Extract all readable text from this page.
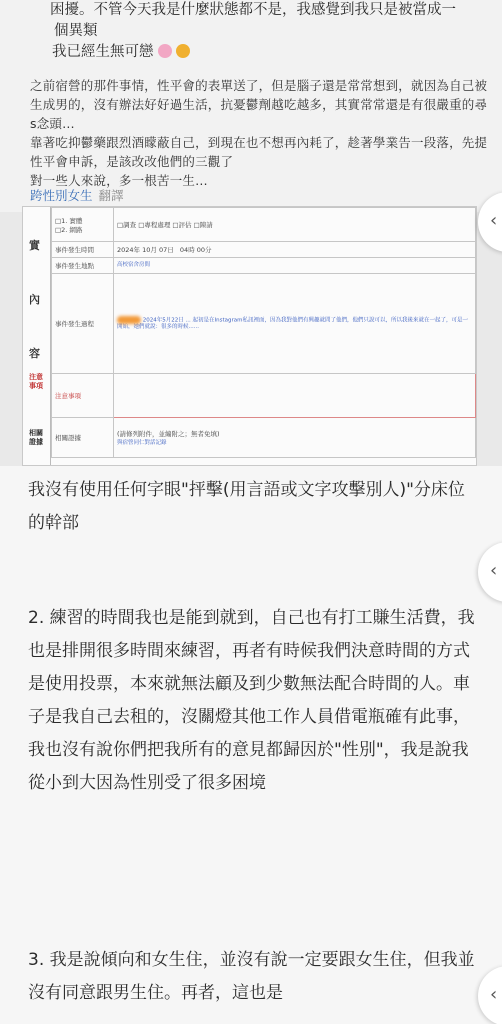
困擾。不管今天我是什麼狀態都不是，我感覺到我只是被當成一
個異類
我已經生無可戀
之前宿營的那件事情，性平會的表單送了，但是腦子還是常常想到，就因為自己被生成男的，沒有辦法好好過生活，抗憂鬱劑越吃越多，其實常常還是有很嚴重的尋s念頭…
靠著吃抑鬱藥跟烈酒矇蔽自己，到現在也不想再內耗了，趁著學業告一段落，先提性平會申訴，是該改改他們的三觀了
對一些人來說，多一根苦一生…
跨性別女生 翻譯
實
內
容
注意事項
相關證據
□1. 實體
□2. 網路	□調查 □專程處理 □評估 □陳請
事件發生時間	2024年 10月 07日 04時 00分
事件發生地點	高校宿舍房間
事件發生過程	2024年5月22日 ... 起初是在Instagram私訊裡面，因為我對他們有興趣就問了他們，他們只說可以，所以我後來就在一起了，可是一開始，她們就說：很多的時候......
注意事項	
相關證據	(請條列附件，並編附之；無者免填)
與宿營同仁對話記錄

我沒有使用任何字眼"抨擊(用言語或文字攻擊別人)"分床位的幹部

2. 練習的時間我也是能到就到，自己也有打工賺生活費，我也是排開很多時間來練習，再者有時候我們決意時間的方式是使用投票，本來就無法顧及到少數無法配合時間的人。車子是我自己去租的，沒關燈其他工作人員借電瓶確有此事，我也沒有說你們把我所有的意見都歸因於"性別"，我是說我從小到大因為性別受了很多困境

3. 我是說傾向和女生住，並沒有說一定要跟女生住，但我並沒有同意跟男生住。再者，這也是

‹
‹
‹
